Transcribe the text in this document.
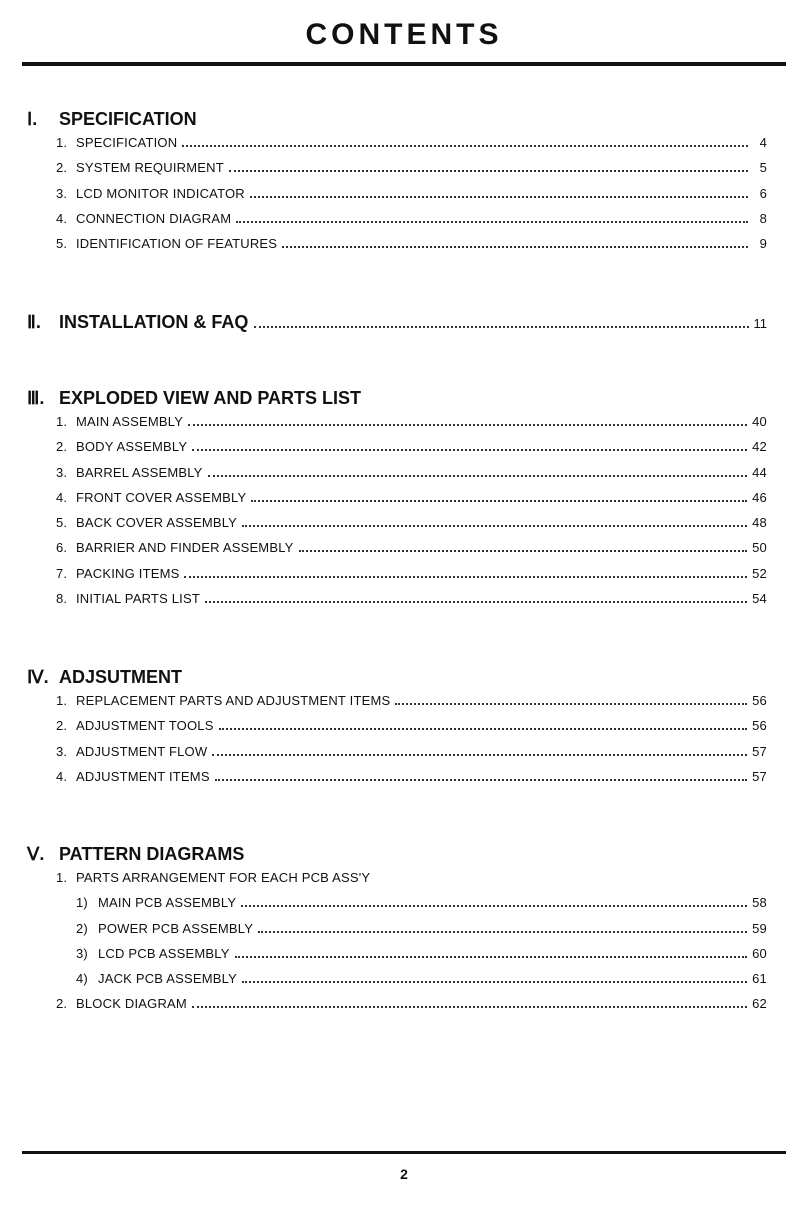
CONTENTS
Ⅰ.	SPECIFICATION
1. SPECIFICATION	4
2. SYSTEM REQUIRMENT	5
3. LCD MONITOR INDICATOR	6
4. CONNECTION DIAGRAM	8
5. IDENTIFICATION OF FEATURES	9
Ⅱ.	INSTALLATION & FAQ	11
Ⅲ. EXPLODED VIEW AND PARTS LIST
1. MAIN ASSEMBLY	40
2. BODY ASSEMBLY	42
3. BARREL ASSEMBLY	44
4. FRONT COVER ASSEMBLY	46
5. BACK COVER ASSEMBLY	48
6. BARRIER AND FINDER ASSEMBLY	50
7. PACKING ITEMS	52
8. INITIAL PARTS LIST	54
Ⅳ. ADJSUTMENT
1. REPLACEMENT PARTS AND ADJUSTMENT ITEMS	56
2. ADJUSTMENT TOOLS	56
3. ADJUSTMENT FLOW	57
4. ADJUSTMENT ITEMS	57
Ⅴ. PATTERN DIAGRAMS
1. PARTS ARRANGEMENT FOR EACH PCB ASS'Y
1) MAIN PCB ASSEMBLY	58
2) POWER PCB ASSEMBLY	59
3) LCD PCB ASSEMBLY	60
4) JACK PCB ASSEMBLY	61
2. BLOCK DIAGRAM	62
2
